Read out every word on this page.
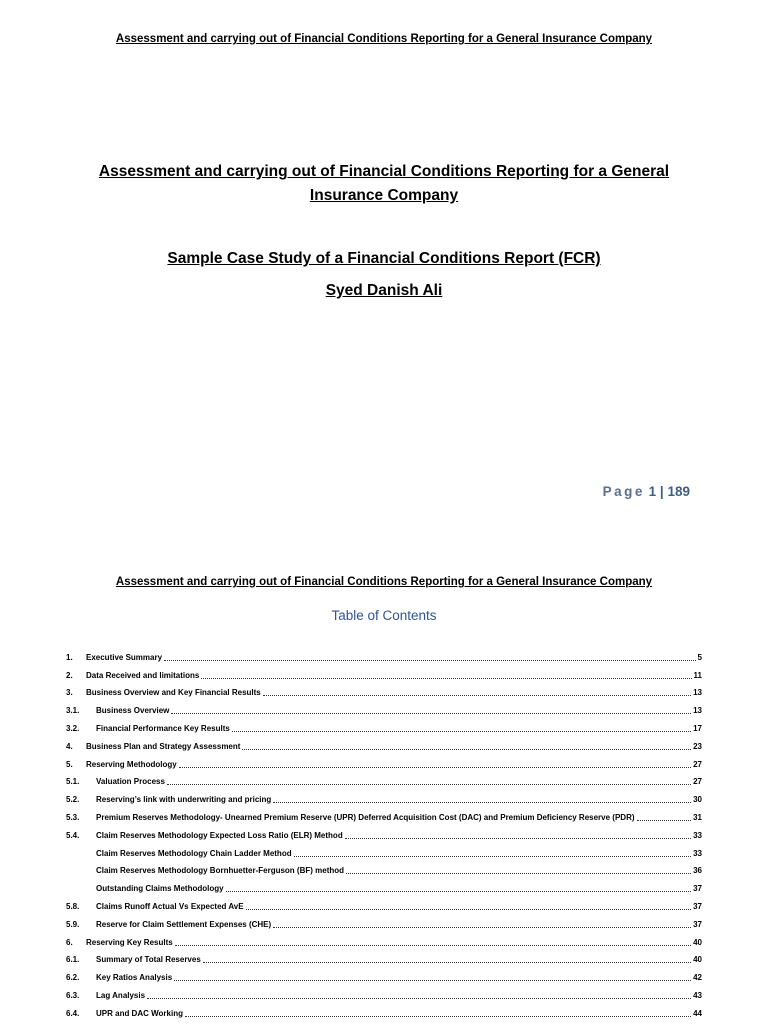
Assessment and carrying out of Financial Conditions Reporting for a General Insurance Company
Assessment and carrying out of Financial Conditions Reporting for a General
Insurance Company
Sample Case Study of a Financial Conditions Report (FCR)
Syed Danish Ali
Page 1 | 189
Assessment and carrying out of Financial Conditions Reporting for a General Insurance Company
Table of Contents
1.	Executive Summary	5
2.	Data Received and limitations	11
3.	Business Overview and Key Financial Results	13
3.1.	Business Overview	13
3.2.	Financial Performance Key Results	17
4.	Business Plan and Strategy Assessment	23
5.	Reserving Methodology	27
5.1.	Valuation Process	27
5.2.	Reserving’s link with underwriting and pricing	30
5.3.	Premium Reserves Methodology- Unearned Premium Reserve (UPR) Deferred Acquisition Cost (DAC) and Premium Deficiency Reserve (PDR)	31
5.4.	Claim Reserves Methodology Expected Loss Ratio (ELR) Method	33
Claim Reserves Methodology Chain Ladder Method	33
Claim Reserves Methodology Bornhuetter-Ferguson (BF) method	36
Outstanding Claims Methodology	37
5.8.	Claims Runoff Actual Vs Expected AvE	37
5.9.	Reserve for Claim Settlement Expenses (CHE)	37
6.	Reserving Key Results	40
6.1.	Summary of Total Reserves	40
6.2.	Key Ratios Analysis	42
6.3.	Lag Analysis	43
6.4.	UPR and DAC Working	44
